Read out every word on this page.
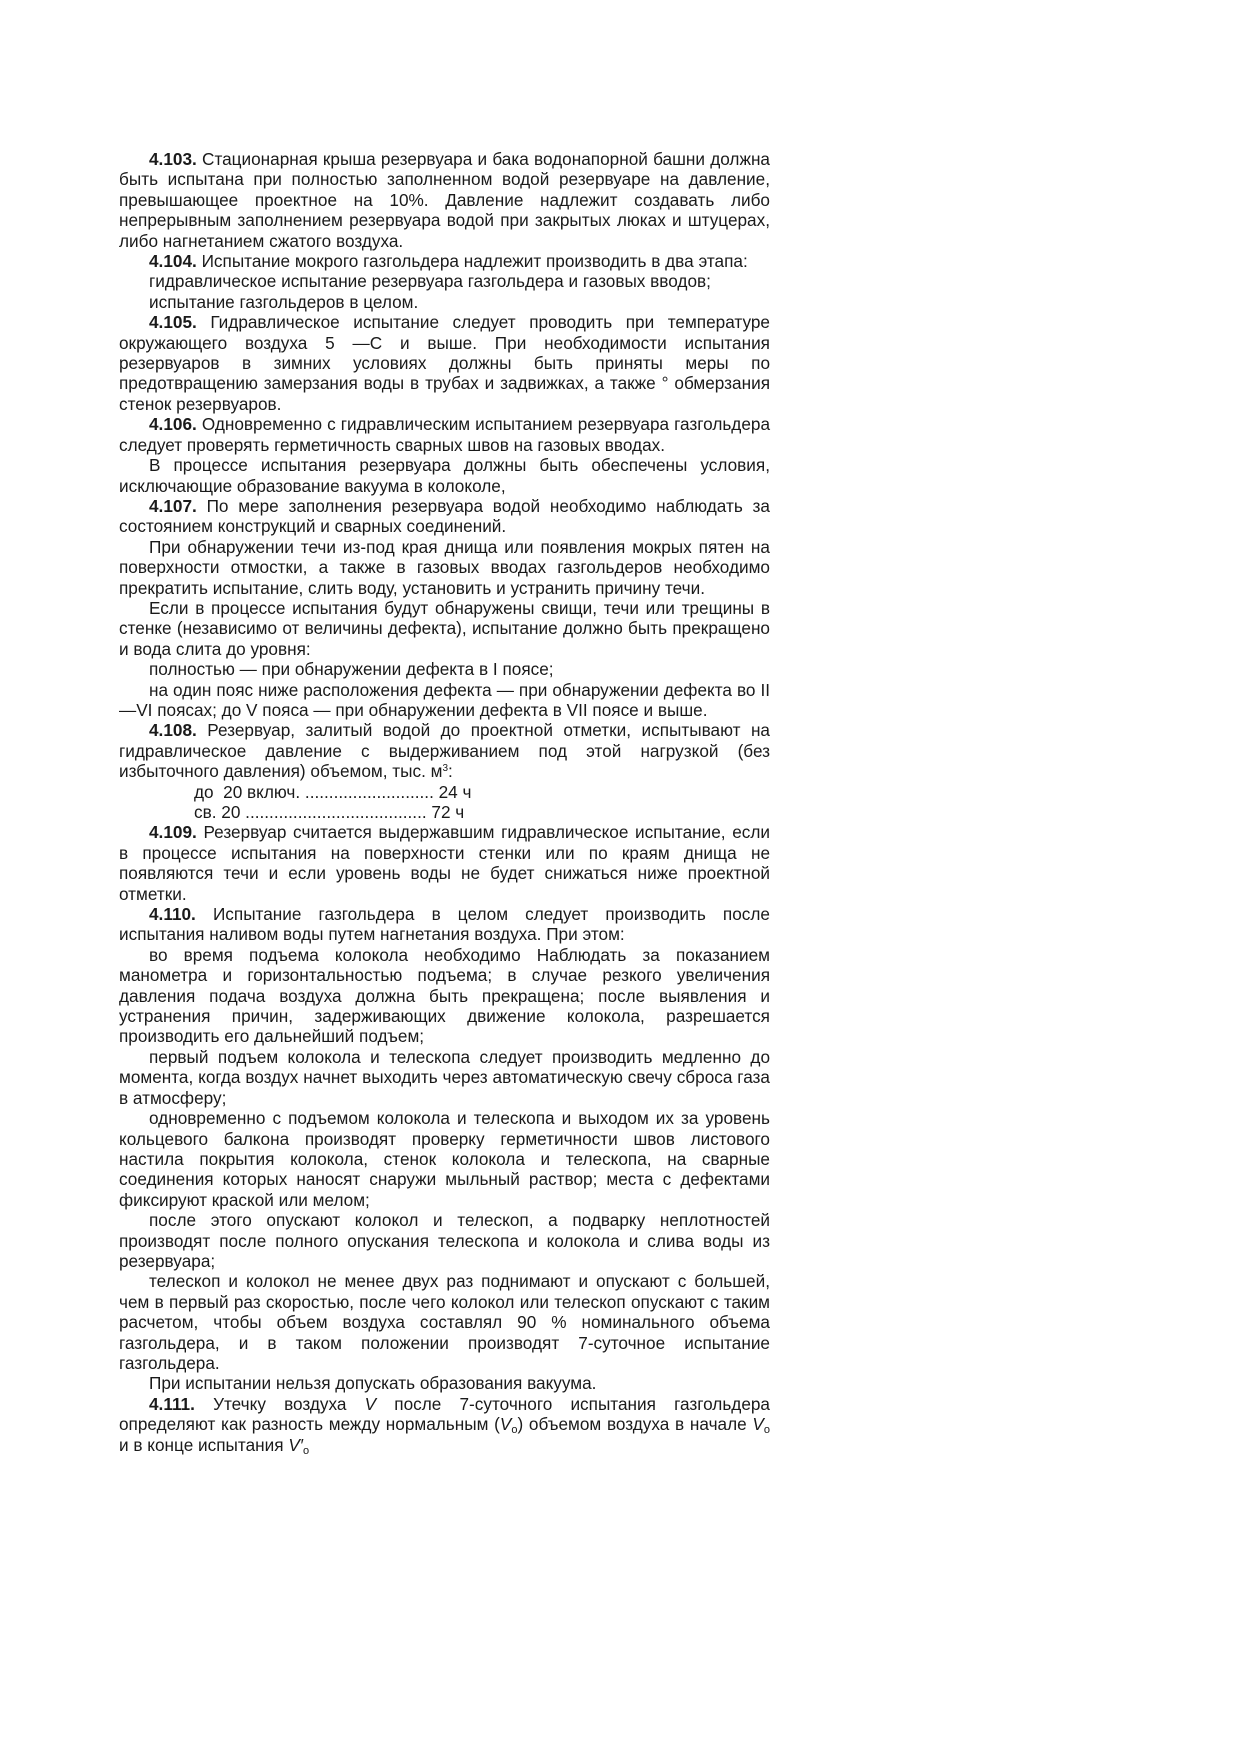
4.103. Стационарная крыша резервуара и бака водонапорной башни должна быть испытана при полностью заполненном водой резервуаре на давление, превышающее проектное на 10%. Давление надлежит создавать либо непрерывным заполнением резервуара водой при закрытых люках и штуцерах, либо нагнетанием сжатого воздуха.

4.104. Испытание мокрого газгольдера надлежит производить в два этапа:

гидравлическое испытание резервуара газгольдера и газовых вводов;

испытание газгольдеров в целом.

4.105. Гидравлическое испытание следует проводить при температуре окружающего воздуха 5 —С и выше. При необходимости испытания резервуаров в зимних условиях должны быть приняты меры по предотвращению замерзания воды в трубах и задвижках, а также ° обмерзания стенок резервуаров.

4.106. Одновременно с гидравлическим испытанием резервуара газгольдера следует проверять герметичность сварных швов на газовых вводах.

В процессе испытания резервуара должны быть обеспечены условия, исключающие образование вакуума в колоколе,

4.107. По мере заполнения резервуара водой необходимо наблюдать за состоянием конструкций и сварных соединений.

При обнаружении течи из-под края днища или появления мокрых пятен на поверхности отмостки, а также в газовых вводах газгольдеров необходимо прекратить испытание, слить воду, установить и устранить причину течи.

Если в процессе испытания будут обнаружены свищи, течи или трещины в стенке (независимо от величины дефекта), испытание должно быть прекращено и вода слита до уровня:

полностью — при обнаружении дефекта в I поясе;

на один пояс ниже расположения дефекта — при обнаружении дефекта во II—VI поясах; до V пояса — при обнаружении дефекта в VII поясе и выше.

4.108. Резервуар, залитый водой до проектной отметки, испытывают на гидравлическое давление с выдерживанием под этой нагрузкой (без избыточного давления) объемом, тыс. $м^3$:

до  20 включ. ........................... 24 ч

св. 20 ...................................... 72 ч

4.109. Резервуар считается выдержавшим гидравлическое испытание, если в процессе испытания на поверхности стенки или по краям днища не появляются течи и если уровень воды не будет снижаться ниже проектной отметки.

4.110. Испытание газгольдера в целом следует производить после испытания наливом воды путем нагнетания воздуха. При этом:

во время подъема колокола необходимо Наблюдать за показанием манометра и горизонтальностью подъема; в случае резкого увеличения давления подача воздуха должна быть прекращена; после выявления и устранения причин, задерживающих движение колокола, разрешается производить его дальнейший подъем;

первый подъем колокола и телескопа следует производить медленно до момента, когда воздух начнет выходить через автоматическую свечу сброса газа в атмосферу;

одновременно с подъемом колокола и телескопа и выходом их за уровень кольцевого балкона производят проверку герметичности швов листового настила покрытия колокола, стенок колокола и телескопа, на сварные соединения которых наносят снаружи мыльный раствор; места с дефектами фиксируют краской или мелом;

после этого опускают колокол и телескоп, а подварку неплотностей производят после полного опускания телескопа и колокола и слива воды из резервуара;

телескоп и колокол не менее двух раз поднимают и опускают с большей, чем в первый раз скоростью, после чего колокол или телескоп опускают с таким расчетом, чтобы объем воздуха составлял 90 % номинального объема газгольдера, и в таком положении производят 7-суточное испытание газгольдера.

При испытании нельзя допускать образования вакуума.

4.111. Утечку воздуха V после 7-суточного испытания газгольдера определяют как разность между нормальным $(V_o)$ объемом воздуха в начале $V_o$ и в конце испытания $V'_o$
